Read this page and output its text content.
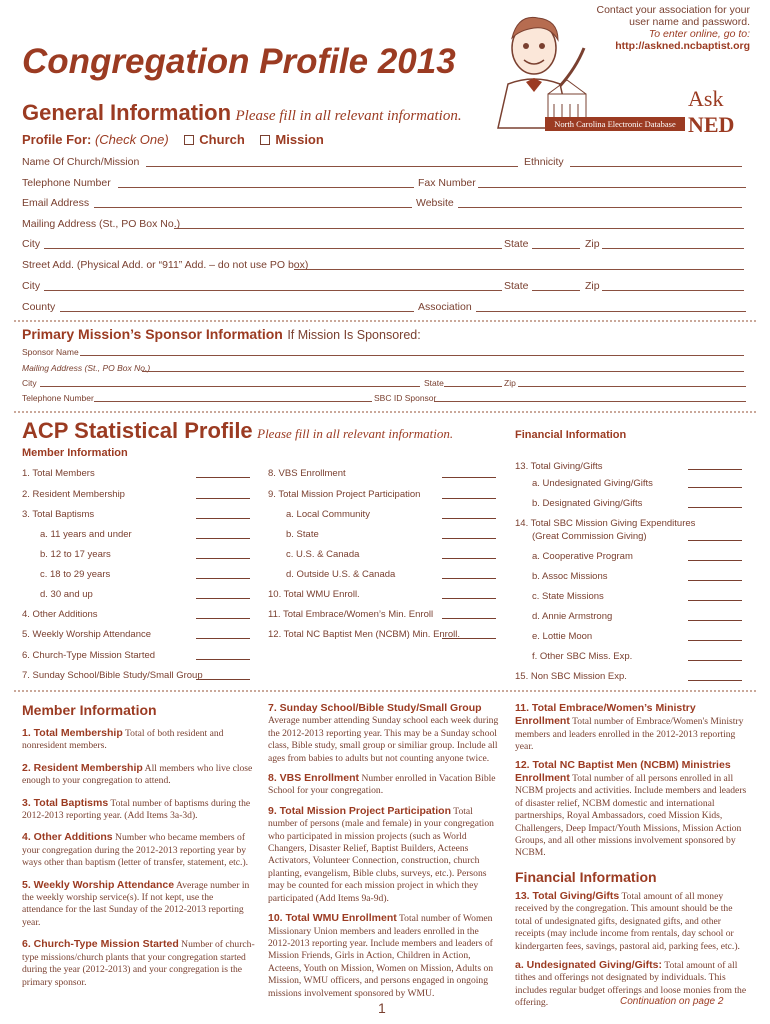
Congregation Profile 2013
Contact your association for your
user name and password.
To enter online, go to:
http://askned.ncbaptist.org
North Carolina Electronic Database
Ask
NED
General Information Please fill in all relevant information.
Profile For: (Check One) Church Mission
Name Of Church/Mission	Ethnicity
Telephone Number	Fax Number
Email Address	Website
Mailing Address (St., PO Box No.)
City	State	Zip
Street Add. (Physical Add. or “911” Add. – do not use PO box)
City	State	Zip
County	Association
Primary Mission’s Sponsor Information If Mission Is Sponsored:
Sponsor Name
Mailing Address (St., PO Box No.)
City	State	Zip
Telephone Number	SBC ID Sponsor
ACP Statistical Profile Please fill in all relevant information.	Financial Information
Member Information
1. Total Members
2. Resident Membership
3. Total Baptisms
a. 11 years and under
b. 12 to 17 years
c. 18 to 29 years
d. 30 and up
4. Other Additions
5. Weekly Worship Attendance
6. Church-Type Mission Started
7. Sunday School/Bible Study/Small Group
8. VBS Enrollment
9. Total Mission Project Participation
a. Local Community
b. State
c. U.S. & Canada
d. Outside U.S. & Canada
10. Total WMU Enroll.
11. Total Embrace/Women’s Min. Enroll
12. Total NC Baptist Men (NCBM) Min. Enroll.
13. Total Giving/Gifts
a. Undesignated Giving/Gifts
b. Designated Giving/Gifts
14. Total SBC Mission Giving Expenditures
(Great Commission Giving)
a. Cooperative Program
b. Assoc Missions
c. State Missions
d. Annie Armstrong
e. Lottie Moon
f. Other SBC Miss. Exp.
15. Non SBC Mission Exp.
Member Information
1. Total Membership Total of both resident and nonresident members.
2. Resident Membership All members who live close enough to your congregation to attend.
3. Total Baptisms Total number of baptisms during the 2012-2013 reporting year. (Add Items 3a-3d).
4. Other Additions Number who became members of your congregation during the 2012-2013 reporting year by ways other than baptism (letter of transfer, statement, etc.).
5. Weekly Worship Attendance Average number in the weekly worship service(s). If not kept, use the attendance for the last Sunday of the 2012-2013 reporting year.
6. Church-Type Mission Started Number of church-type missions/church plants that your congregation started during the year (2012-2013) and your congregation is the primary sponsor.
7. Sunday School/Bible Study/Small Group Average number attending Sunday school each week during the 2012-2013 reporting year. This may be a Sunday school class, Bible study, small group or similiar group. Include all ages from babies to adults but not counting anyone twice.
8. VBS Enrollment Number enrolled in Vacation Bible School for your congregation.
9. Total Mission Project Participation Total number of persons (male and female) in your congregation who participated in mission projects (such as World Changers, Disaster Relief, Baptist Builders, Acteens Activators, Volunteer Connection, construction, church planting, evangelism, Bible clubs, surveys, etc.). Persons may be counted for each mission project in which they participated (Add Items 9a-9d).
10. Total WMU Enrollment Total number of Women Missionary Union members and leaders enrolled in the 2012-2013 reporting year. Include members and leaders of Mission Friends, Girls in Action, Children in Action, Acteens, Youth on Mission, Women on Mission, Adults on Mission, WMU officers, and persons engaged in ongoing missions involvement sponsored by WMU.
11. Total Embrace/Women’s Ministry Enrollment Total number of Embrace/Women's Ministry members and leaders enrolled in the 2012-2013 reporting year.
12. Total NC Baptist Men (NCBM) Ministries Enrollment Total number of all persons enrolled in all NCBM projects and activities. Include members and leaders of disaster relief, NCBM domestic and international partnerships, Royal Ambassadors, coed Mission Kids, Challengers, Deep Impact/Youth Missions, Mission Action Groups, and all other missions involvement sponsored by NCBM.
Financial Information
13. Total Giving/Gifts Total amount of all money received by the congregation. This amount should be the total of undesignated gifts, designated gifts, and other receipts (may include income from rentals, day school or kindergarten fees, savings, pastoral aid, parking fees, etc.).
a. Undesignated Giving/Gifts: Total amount of all tithes and offerings not designated by individuals. This includes regular budget offerings and loose monies from the offering.
1	Continuation on page 2
